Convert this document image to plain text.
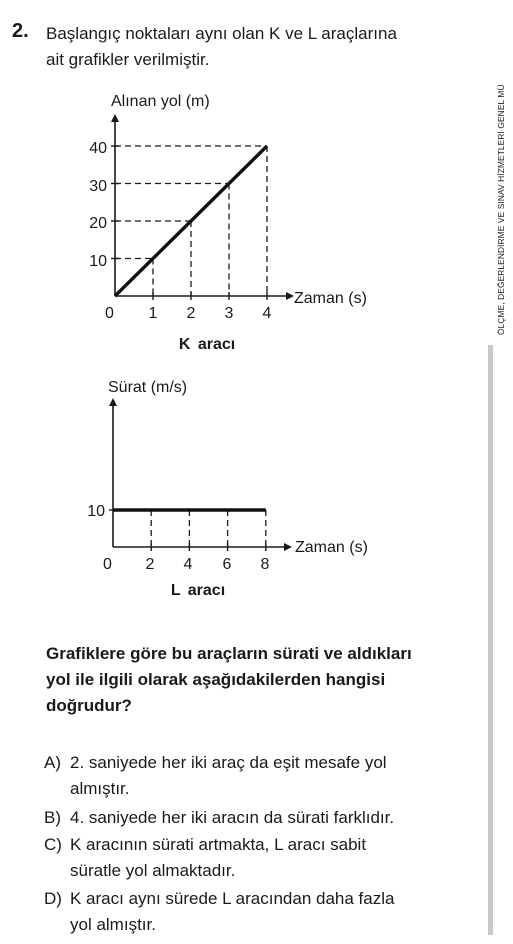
2. Başlangıç noktaları aynı olan K ve L araçlarına
ait grafikler verilmiştir.
ÖLÇME, DEĞERLENDİRME VE SINAV HİZMETLERİ GENEL MÜ
Alınan yol (m)
Zaman (s)
0 1 2 3 4
10
20
30
40
K aracı
Sürat (m/s)
Zaman (s)
0 2 4 6 8
10
L aracı
Grafiklere göre bu araçların sürati ve aldıkları
yol ile ilgili olarak aşağıdakilerden hangisi
doğrudur?
A) 2. saniyede her iki araç da eşit mesafe yol
almıştır.
B) 4. saniyede her iki aracın da sürati farklıdır.
C) K aracının sürati artmakta, L aracı sabit
süratle yol almaktadır.
D) K aracı aynı sürede L aracından daha fazla
yol almıştır.
